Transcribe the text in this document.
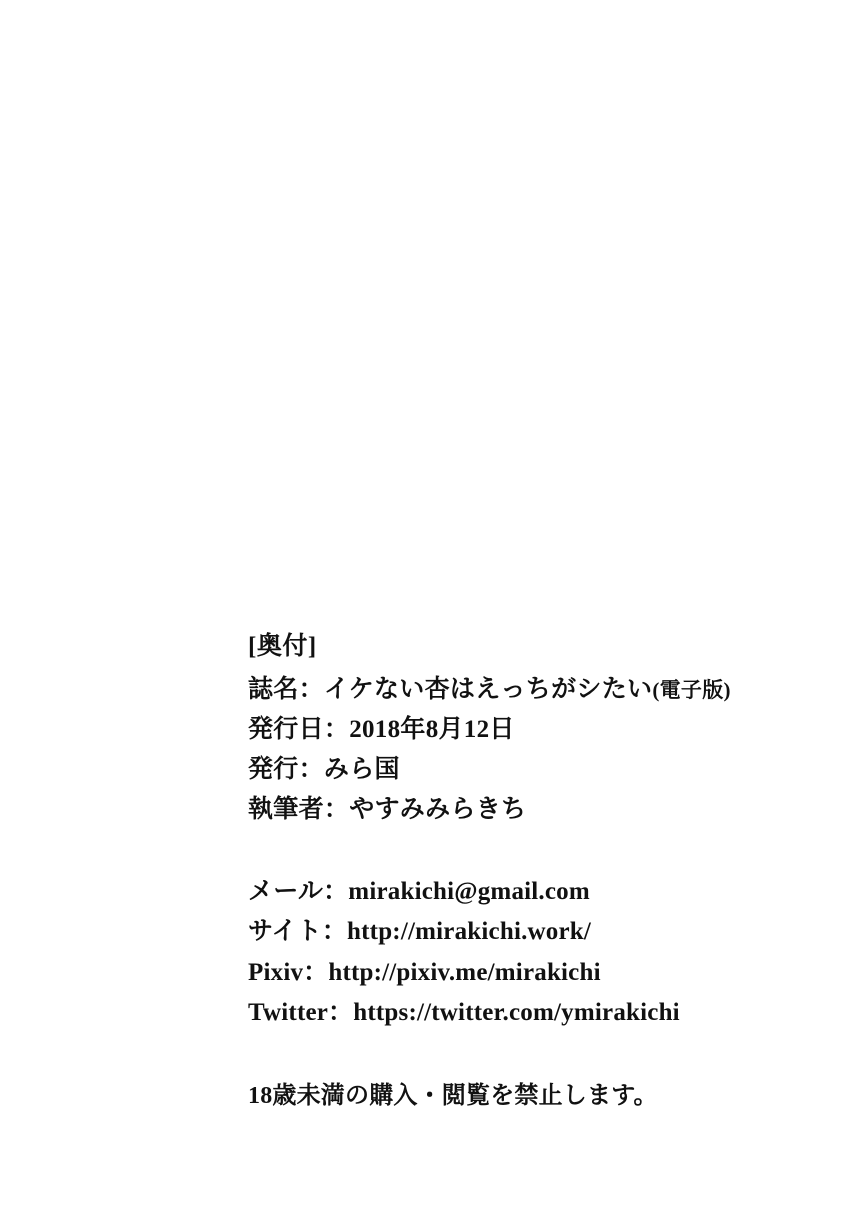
[奥付]
誌名：イケない杏はえっちがシたい(電子版)
発行日：2018年8月12日
発行：みら国
執筆者：やすみみらきち
メール：mirakichi@gmail.com
サイト：http://mirakichi.work/
Pixiv：http://pixiv.me/mirakichi
Twitter：https://twitter.com/ymirakichi
18歳未満の購入・閲覧を禁止します。
